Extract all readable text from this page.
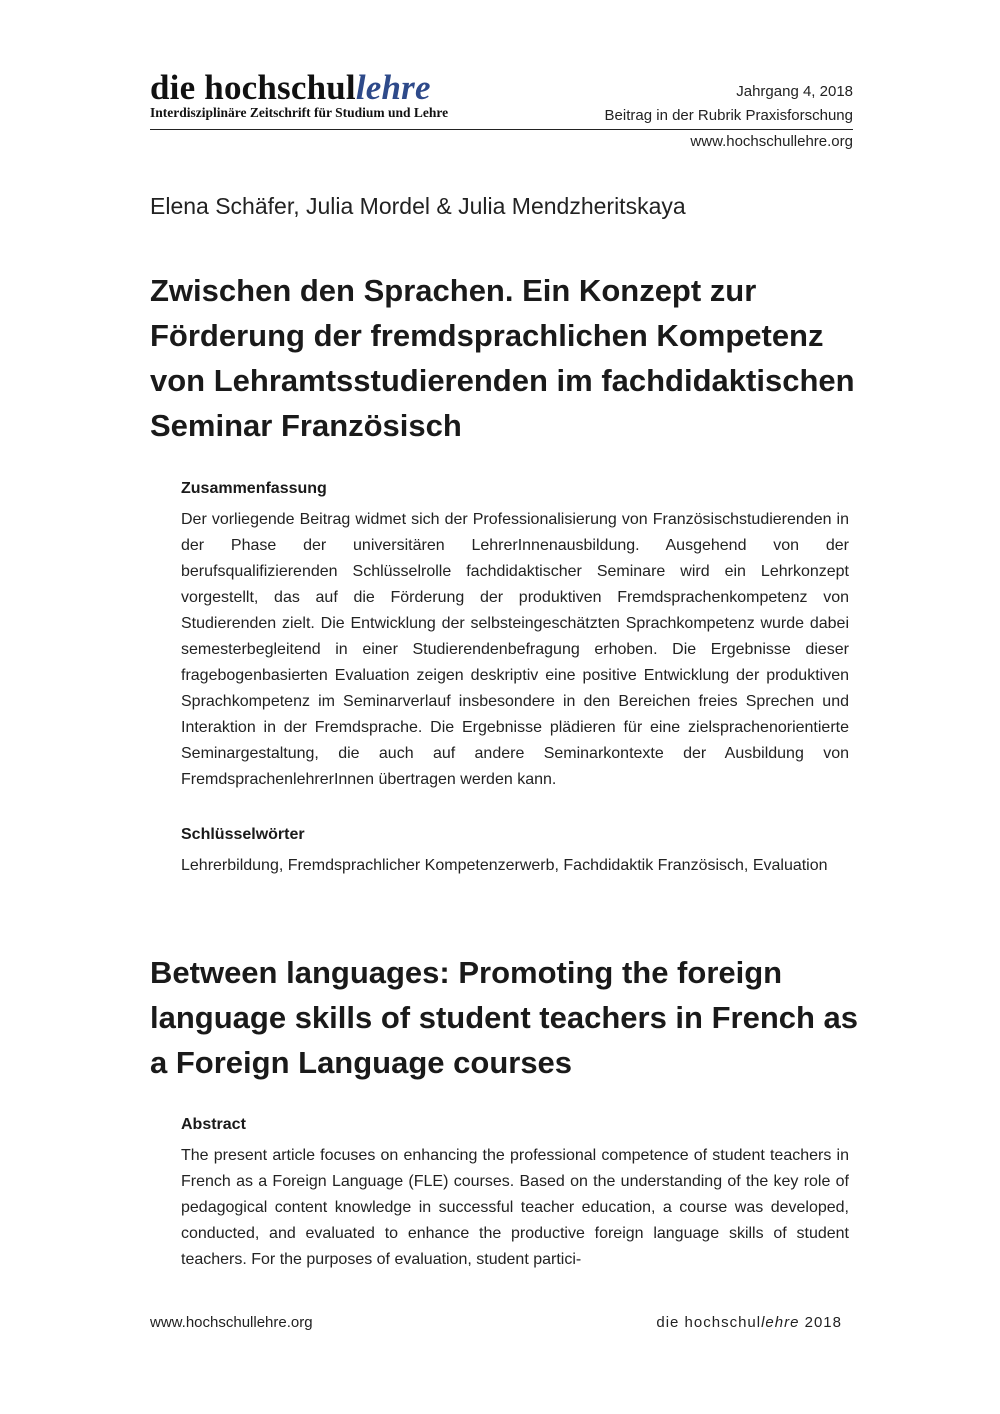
die hochschullehre
Interdisziplinäre Zeitschrift für Studium und Lehre
Jahrgang 4, 2018
Beitrag in der Rubrik Praxisforschung
www.hochschullehre.org
Elena Schäfer, Julia Mordel & Julia Mendzheritskaya
Zwischen den Sprachen. Ein Konzept zur Förderung der fremdsprachlichen Kompetenz von Lehramtsstudierenden im fachdidaktischen Seminar Französisch
Zusammenfassung

Der vorliegende Beitrag widmet sich der Professionalisierung von Französischstudierenden in der Phase der universitären LehrerInnenausbildung. Ausgehend von der berufsqualifizierenden Schlüsselrolle fachdidaktischer Seminare wird ein Lehrkonzept vorgestellt, das auf die Förderung der produktiven Fremdsprachenkompetenz von Studierenden zielt. Die Entwicklung der selbsteingeschätzten Sprachkompetenz wurde dabei semesterbegleitend in einer Studierendenbefragung erhoben. Die Ergebnisse dieser fragebogenbasierten Evaluation zeigen deskriptiv eine positive Entwicklung der produktiven Sprachkompetenz im Seminarverlauf insbesondere in den Bereichen freies Sprechen und Interaktion in der Fremdsprache. Die Ergebnisse plädieren für eine zielsprachenorientierte Seminargestaltung, die auch auf andere Seminarkontexte der Ausbildung von FremdsprachenlehrerInnen übertragen werden kann.

Schlüsselwörter

Lehrerbildung, Fremdsprachlicher Kompetenzerwerb, Fachdidaktik Französisch, Evaluation

Between languages: Promoting the foreign language skills of student teachers in French as a Foreign Language courses
Abstract

The present article focuses on enhancing the professional competence of student teachers in French as a Foreign Language (FLE) courses. Based on the understanding of the key role of pedagogical content knowledge in successful teacher education, a course was developed, conducted, and evaluated to enhance the productive foreign language skills of student teachers. For the purposes of evaluation, student partici-

www.hochschullehre.org	die hochschullehre 2018
